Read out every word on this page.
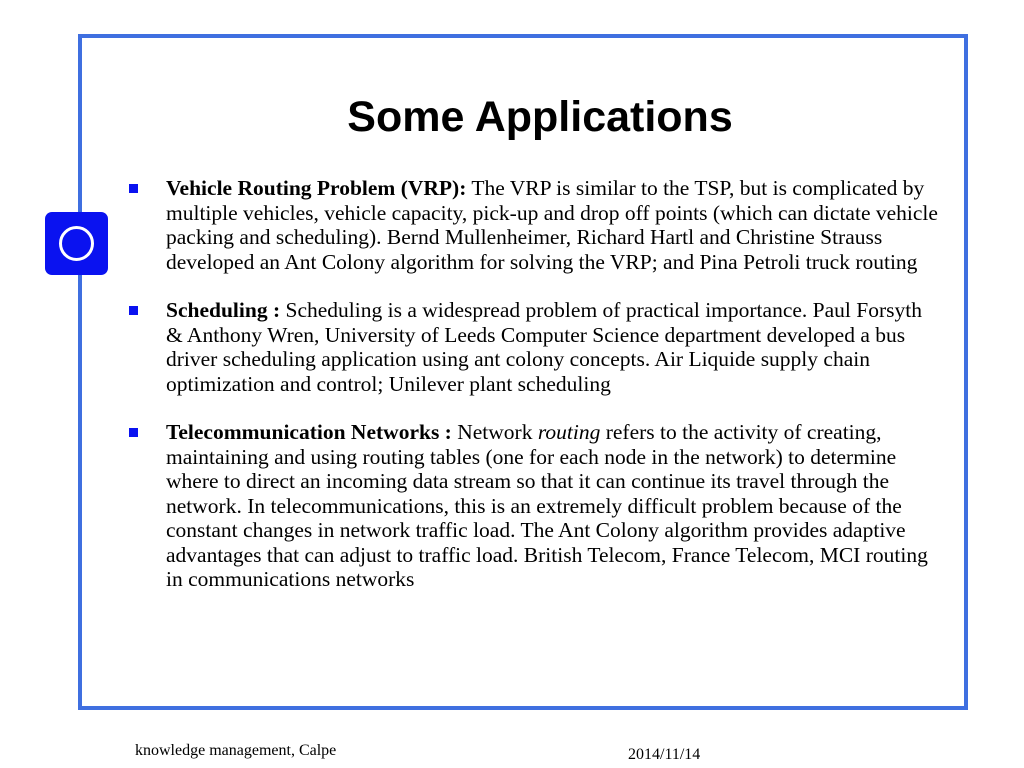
Some Applications
Vehicle Routing Problem (VRP): The VRP is similar to the TSP, but is complicated by multiple vehicles, vehicle capacity, pick-up and drop off points (which can dictate vehicle packing and scheduling). Bernd Mullenheimer, Richard Hartl and Christine Strauss developed an Ant Colony algorithm for solving the VRP; and Pina Petroli truck routing
Scheduling : Scheduling is a widespread problem of practical importance. Paul Forsyth & Anthony Wren, University of Leeds Computer Science department developed a bus driver scheduling application using ant colony concepts. Air Liquide supply chain optimization and control; Unilever plant scheduling
Telecommunication Networks : Network routing refers to the activity of creating, maintaining and using routing tables (one for each node in the network) to determine where to direct an incoming data stream so that it can continue its travel through the network. In telecommunications, this is an extremely difficult problem because of the constant changes in network traffic load. The Ant Colony algorithm provides adaptive advantages that can adjust to traffic load. British Telecom, France Telecom, MCI routing in communications networks
knowledge management, Calpe	2014/11/14
